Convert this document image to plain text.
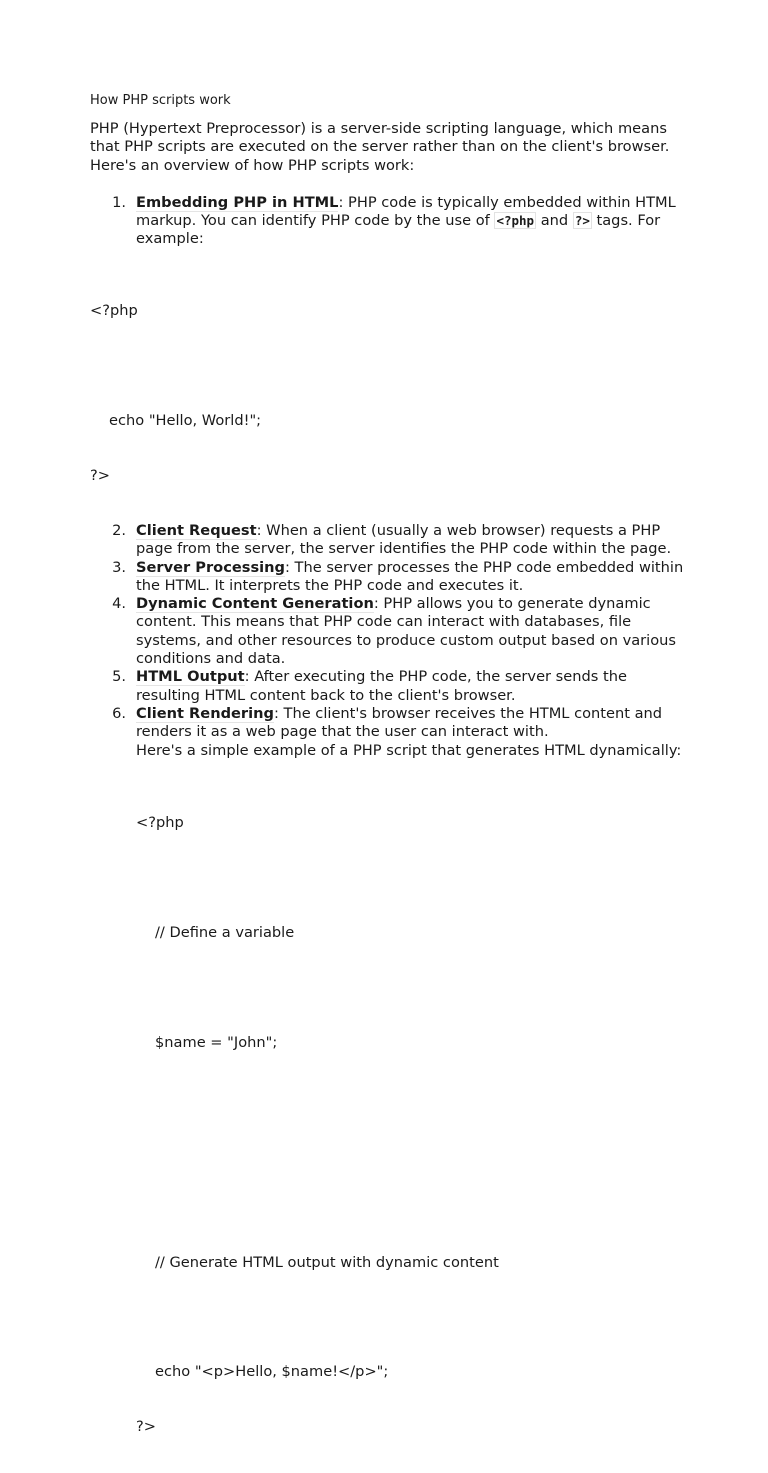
How PHP scripts work
PHP (Hypertext Preprocessor) is a server-side scripting language, which means that PHP scripts are executed on the server rather than on the client's browser. Here's an overview of how PHP scripts work:
1. Embedding PHP in HTML: PHP code is typically embedded within HTML markup. You can identify PHP code by the use of <?php and ?> tags. For example:

<?php

echo "Hello, World!";

?>

2. Client Request: When a client (usually a web browser) requests a PHP page from the server, the server identifies the PHP code within the page.
3. Server Processing: The server processes the PHP code embedded within the HTML. It interprets the PHP code and executes it.
4. Dynamic Content Generation: PHP allows you to generate dynamic content. This means that PHP code can interact with databases, file systems, and other resources to produce custom output based on various conditions and data.
5. HTML Output: After executing the PHP code, the server sends the resulting HTML content back to the client's browser.
6. Client Rendering: The client's browser receives the HTML content and renders it as a web page that the user can interact with.
Here's a simple example of a PHP script that generates HTML dynamically:

<?php

// Define a variable

$name = "John";

// Generate HTML output with dynamic content

echo "<p>Hello, $name!</p>";

?>
